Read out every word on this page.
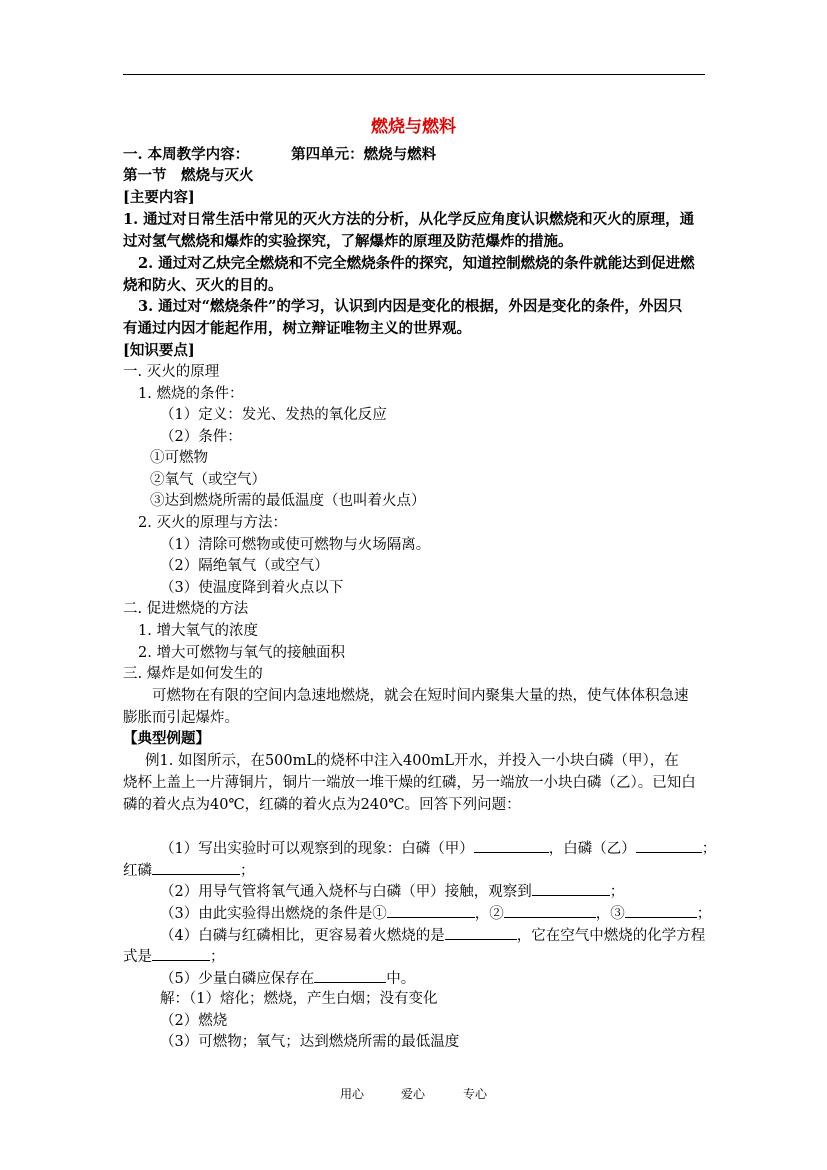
燃烧与燃料
一. 本周教学内容：	第四单元：燃烧与燃料
第一节　燃烧与灭火
[主要内容]
1. 通过对日常生活中常见的灭火方法的分析，从化学反应角度认识燃烧和灭火的原理，通
过对氢气燃烧和爆炸的实验探究，了解爆炸的原理及防范爆炸的措施。
2. 通过对乙炔完全燃烧和不完全燃烧条件的探究，知道控制燃烧的条件就能达到促进燃
烧和防火、灭火的目的。
3. 通过对“燃烧条件”的学习，认识到内因是变化的根据，外因是变化的条件，外因只
有通过内因才能起作用，树立辩证唯物主义的世界观。
[知识要点]
一. 灭火的原理
1. 燃烧的条件：
（1）定义：发光、发热的氧化反应
（2）条件：
①可燃物
②氧气（或空气）
③达到燃烧所需的最低温度（也叫着火点）
2. 灭火的原理与方法：
（1）清除可燃物或使可燃物与火场隔离。
（2）隔绝氧气（或空气）
（3）使温度降到着火点以下
二. 促进燃烧的方法
1. 增大氧气的浓度
2. 增大可燃物与氧气的接触面积
三. 爆炸是如何发生的
可燃物在有限的空间内急速地燃烧，就会在短时间内聚集大量的热，使气体体积急速
膨胀而引起爆炸。
【典型例题】
例1. 如图所示，在500mL的烧杯中注入400mL开水，并投入一小块白磷（甲），在
烧杯上盖上一片薄铜片，铜片一端放一堆干燥的红磷，另一端放一小块白磷（乙）。已知白
磷的着火点为40℃，红磷的着火点为240℃。回答下列问题：
（1）写出实验时可以观察到的现象：白磷（甲）	，白磷（乙）	；
红磷	；
（2）用导气管将氧气通入烧杯与白磷（甲）接触，观察到	；
（3）由此实验得出燃烧的条件是①	，②	，③	；
（4）白磷与红磷相比，更容易着火燃烧的是	，它在空气中燃烧的化学方程
式是	；
（5）少量白磷应保存在	中。
解：（1）熔化；燃烧，产生白烟；没有变化
（2）燃烧
（3）可燃物；氧气；达到燃烧所需的最低温度
用心	爱心	专心
